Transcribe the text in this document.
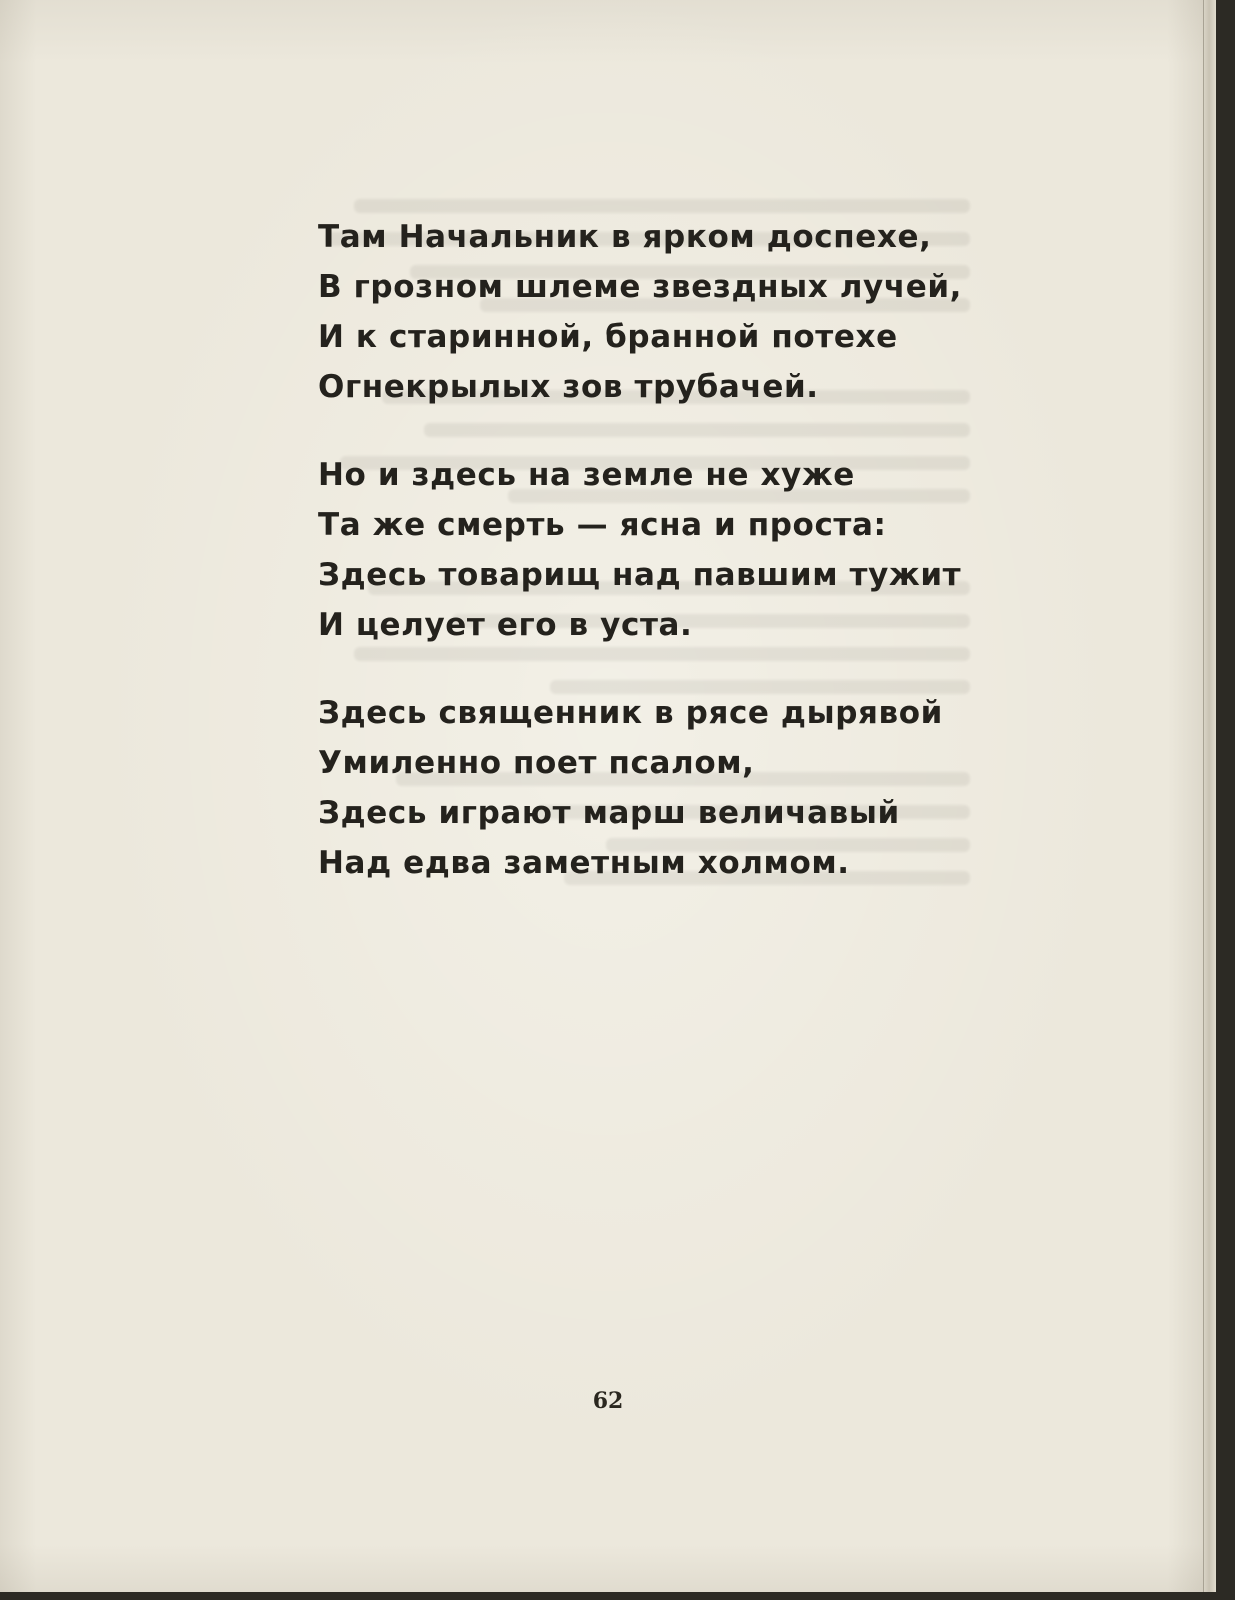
Там Начальник в ярком доспехе,
В грозном шлеме звездных лучей,
И к старинной, бранной потехе
Огнекрылых зов трубачей.
Но и здесь на земле не хуже
Та же смерть — ясна и проста:
Здесь товарищ над павшим тужит
И целует его в уста.
Здесь священник в рясе дырявой
Умиленно поет псалом,
Здесь играют марш величавый
Над едва заметным холмом.
62
